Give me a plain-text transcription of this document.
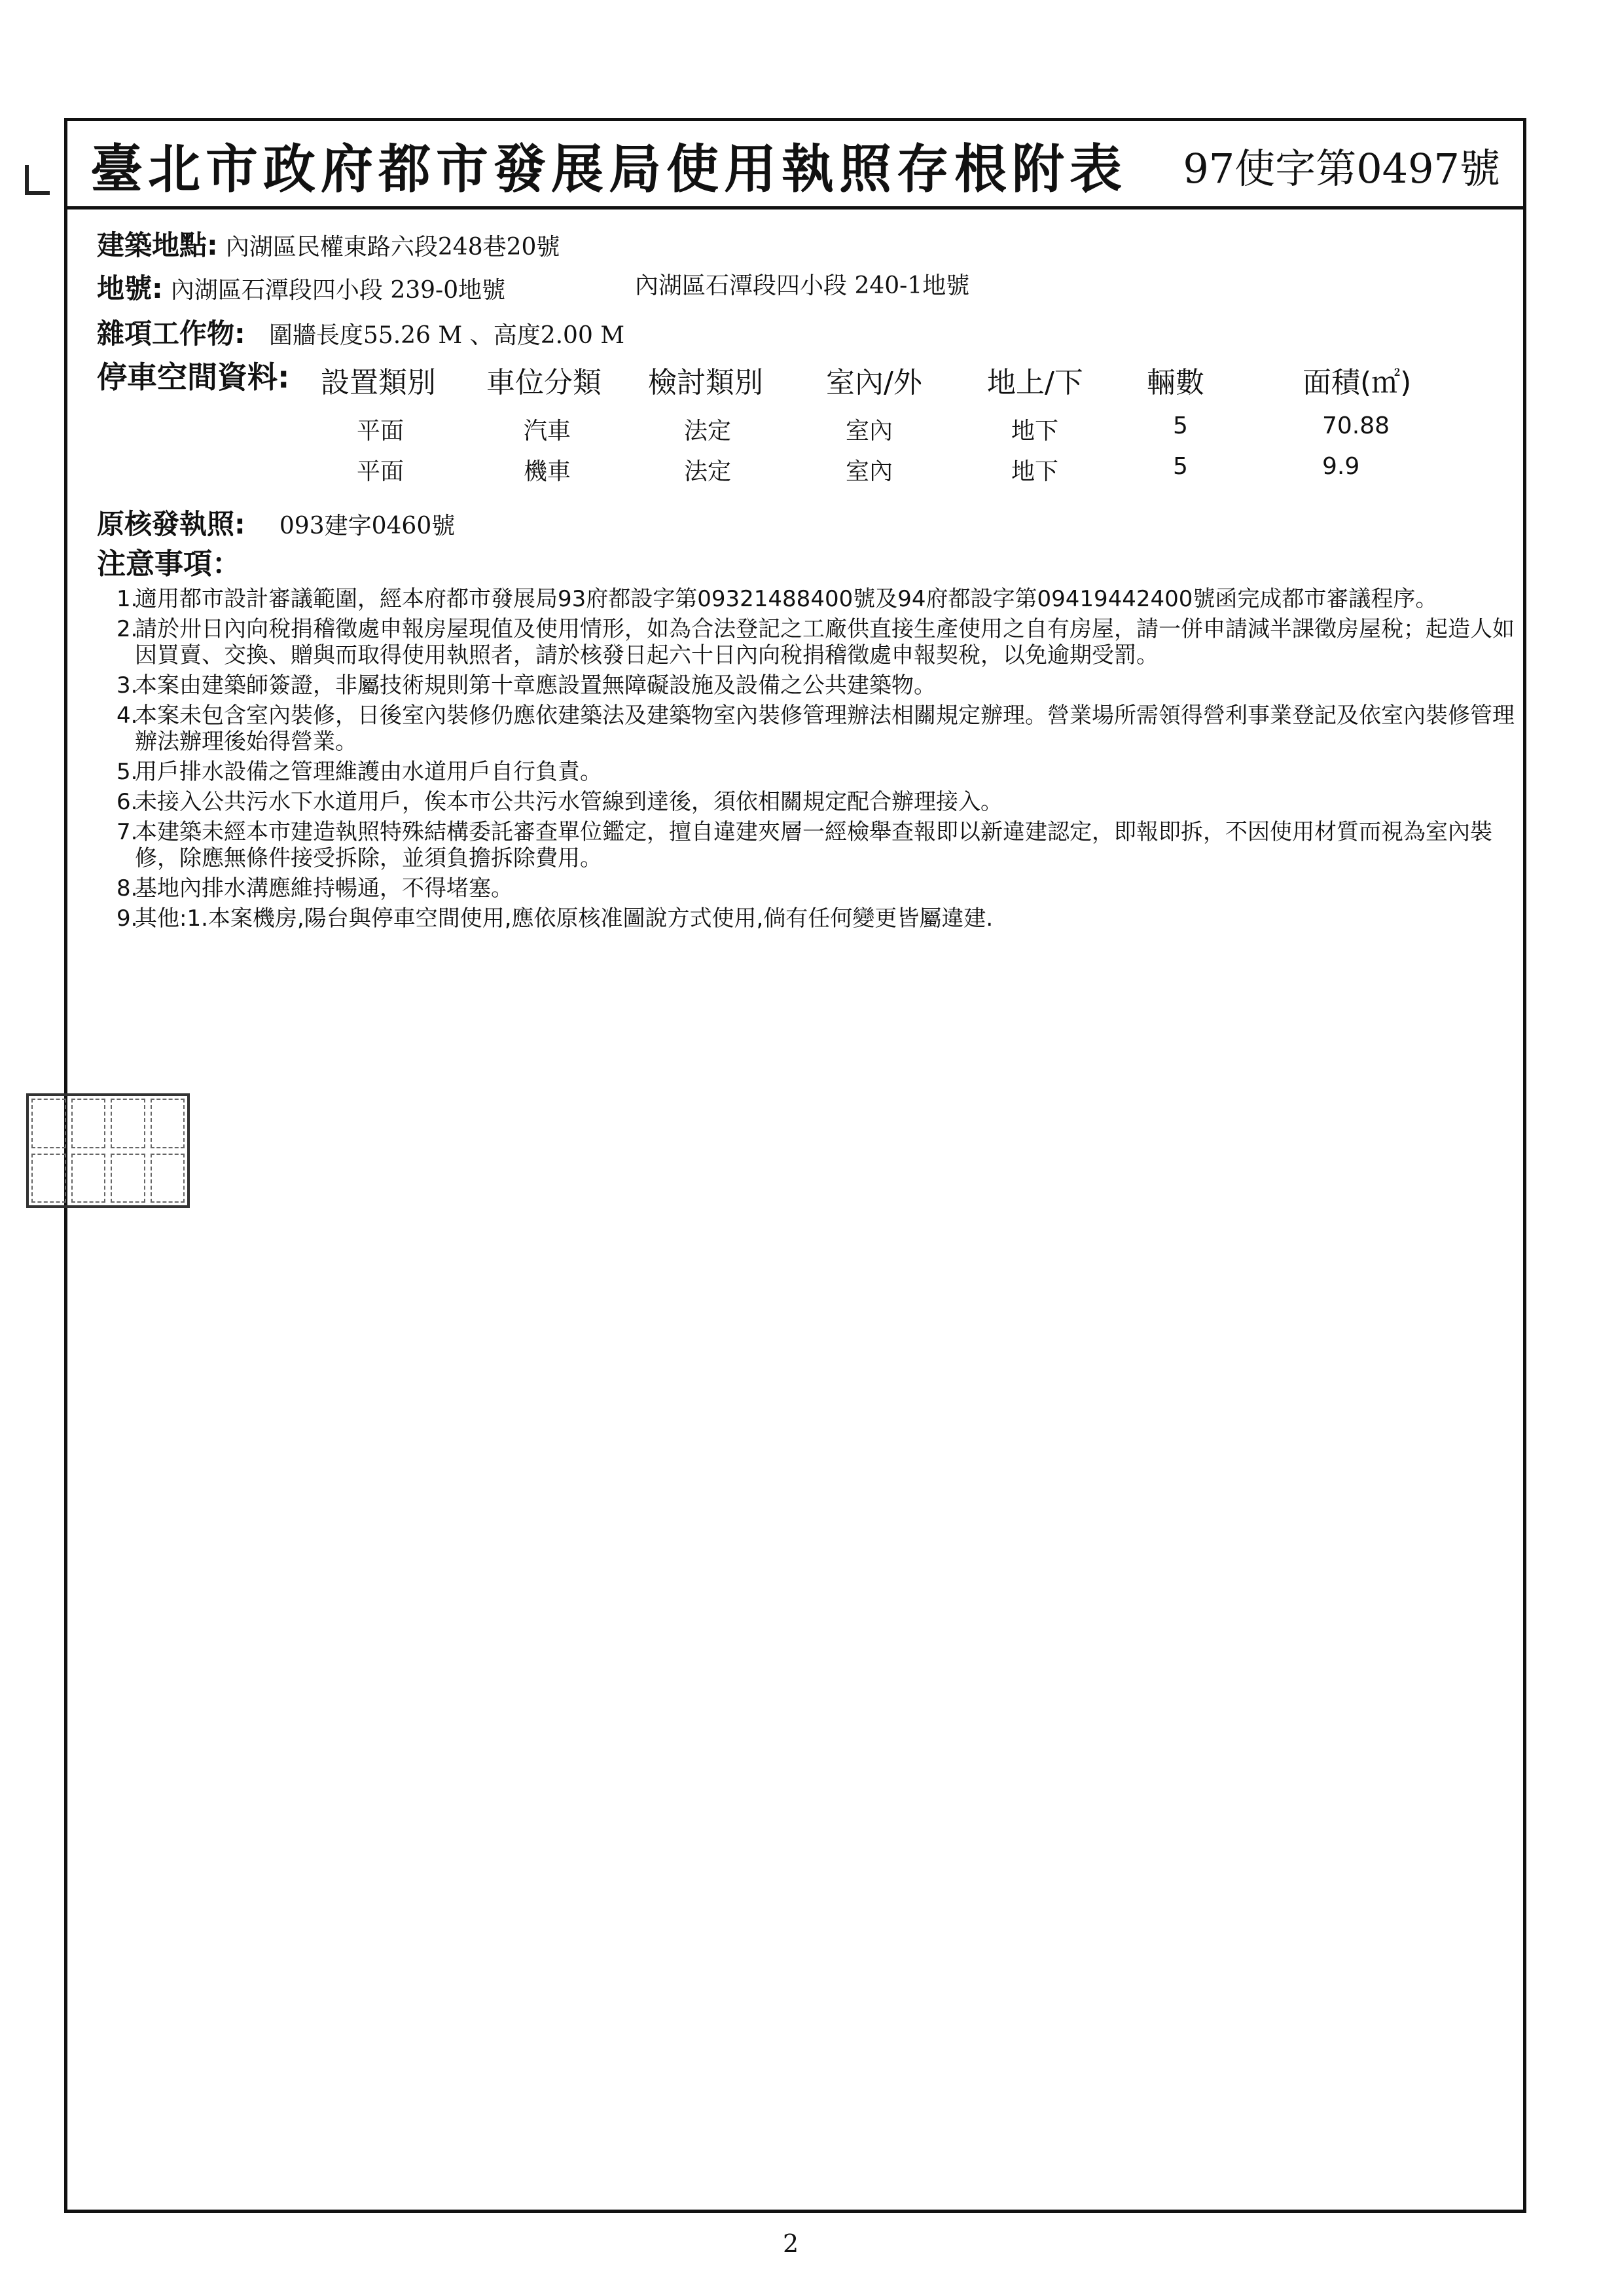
臺北市政府都市發展局使用執照存根附表 97使字第0497號
建築地點: 內湖區民權東路六段248巷20號
地號: 內湖區石潭段四小段 239-0地號	內湖區石潭段四小段 240-1地號
雜項工作物: 圍牆長度55.26 M 、高度2.00 M
停車空間資料: 設置類別 車位分類 檢討類別 室內/外 地上/下 輛數	面積(㎡)
平面	汽車	法定	室內	地下	5	70.88
平面	機車	法定	室內	地下	5	9.9
原核發執照: 093建字0460號
注意事項：
1.
適用都市設計審議範圍，經本府都市發展局93府都設字第09321488400號及94府都設字第09419442400號函完成都市審議程序。
2.
請於卅日內向稅捐稽徵處申報房屋現值及使用情形，如為合法登記之工廠供直接生產使用之自有房屋，請一併申請減半課徵房屋稅；起造人如因買賣、交換、贈與而取得使用執照者，請於核發日起六十日內向稅捐稽徵處申報契稅，以免逾期受罰。
3.
本案由建築師簽證，非屬技術規則第十章應設置無障礙設施及設備之公共建築物。
4.
本案未包含室內裝修，日後室內裝修仍應依建築法及建築物室內裝修管理辦法相關規定辦理。營業場所需領得營利事業登記及依室內裝修管理辦法辦理後始得營業。
5.
用戶排水設備之管理維護由水道用戶自行負責。
6.
未接入公共污水下水道用戶，俟本市公共污水管線到達後，須依相關規定配合辦理接入。
7.
本建築未經本市建造執照特殊結構委託審查單位鑑定，擅自違建夾層一經檢舉查報即以新違建認定，即報即拆，不因使用材質而視為室內裝修，除應無條件接受拆除，並須負擔拆除費用。
8.
基地內排水溝應維持暢通，不得堵塞。
9.
其他:1.本案機房,陽台與停車空間使用,應依原核准圖說方式使用,倘有任何變更皆屬違建.
2
